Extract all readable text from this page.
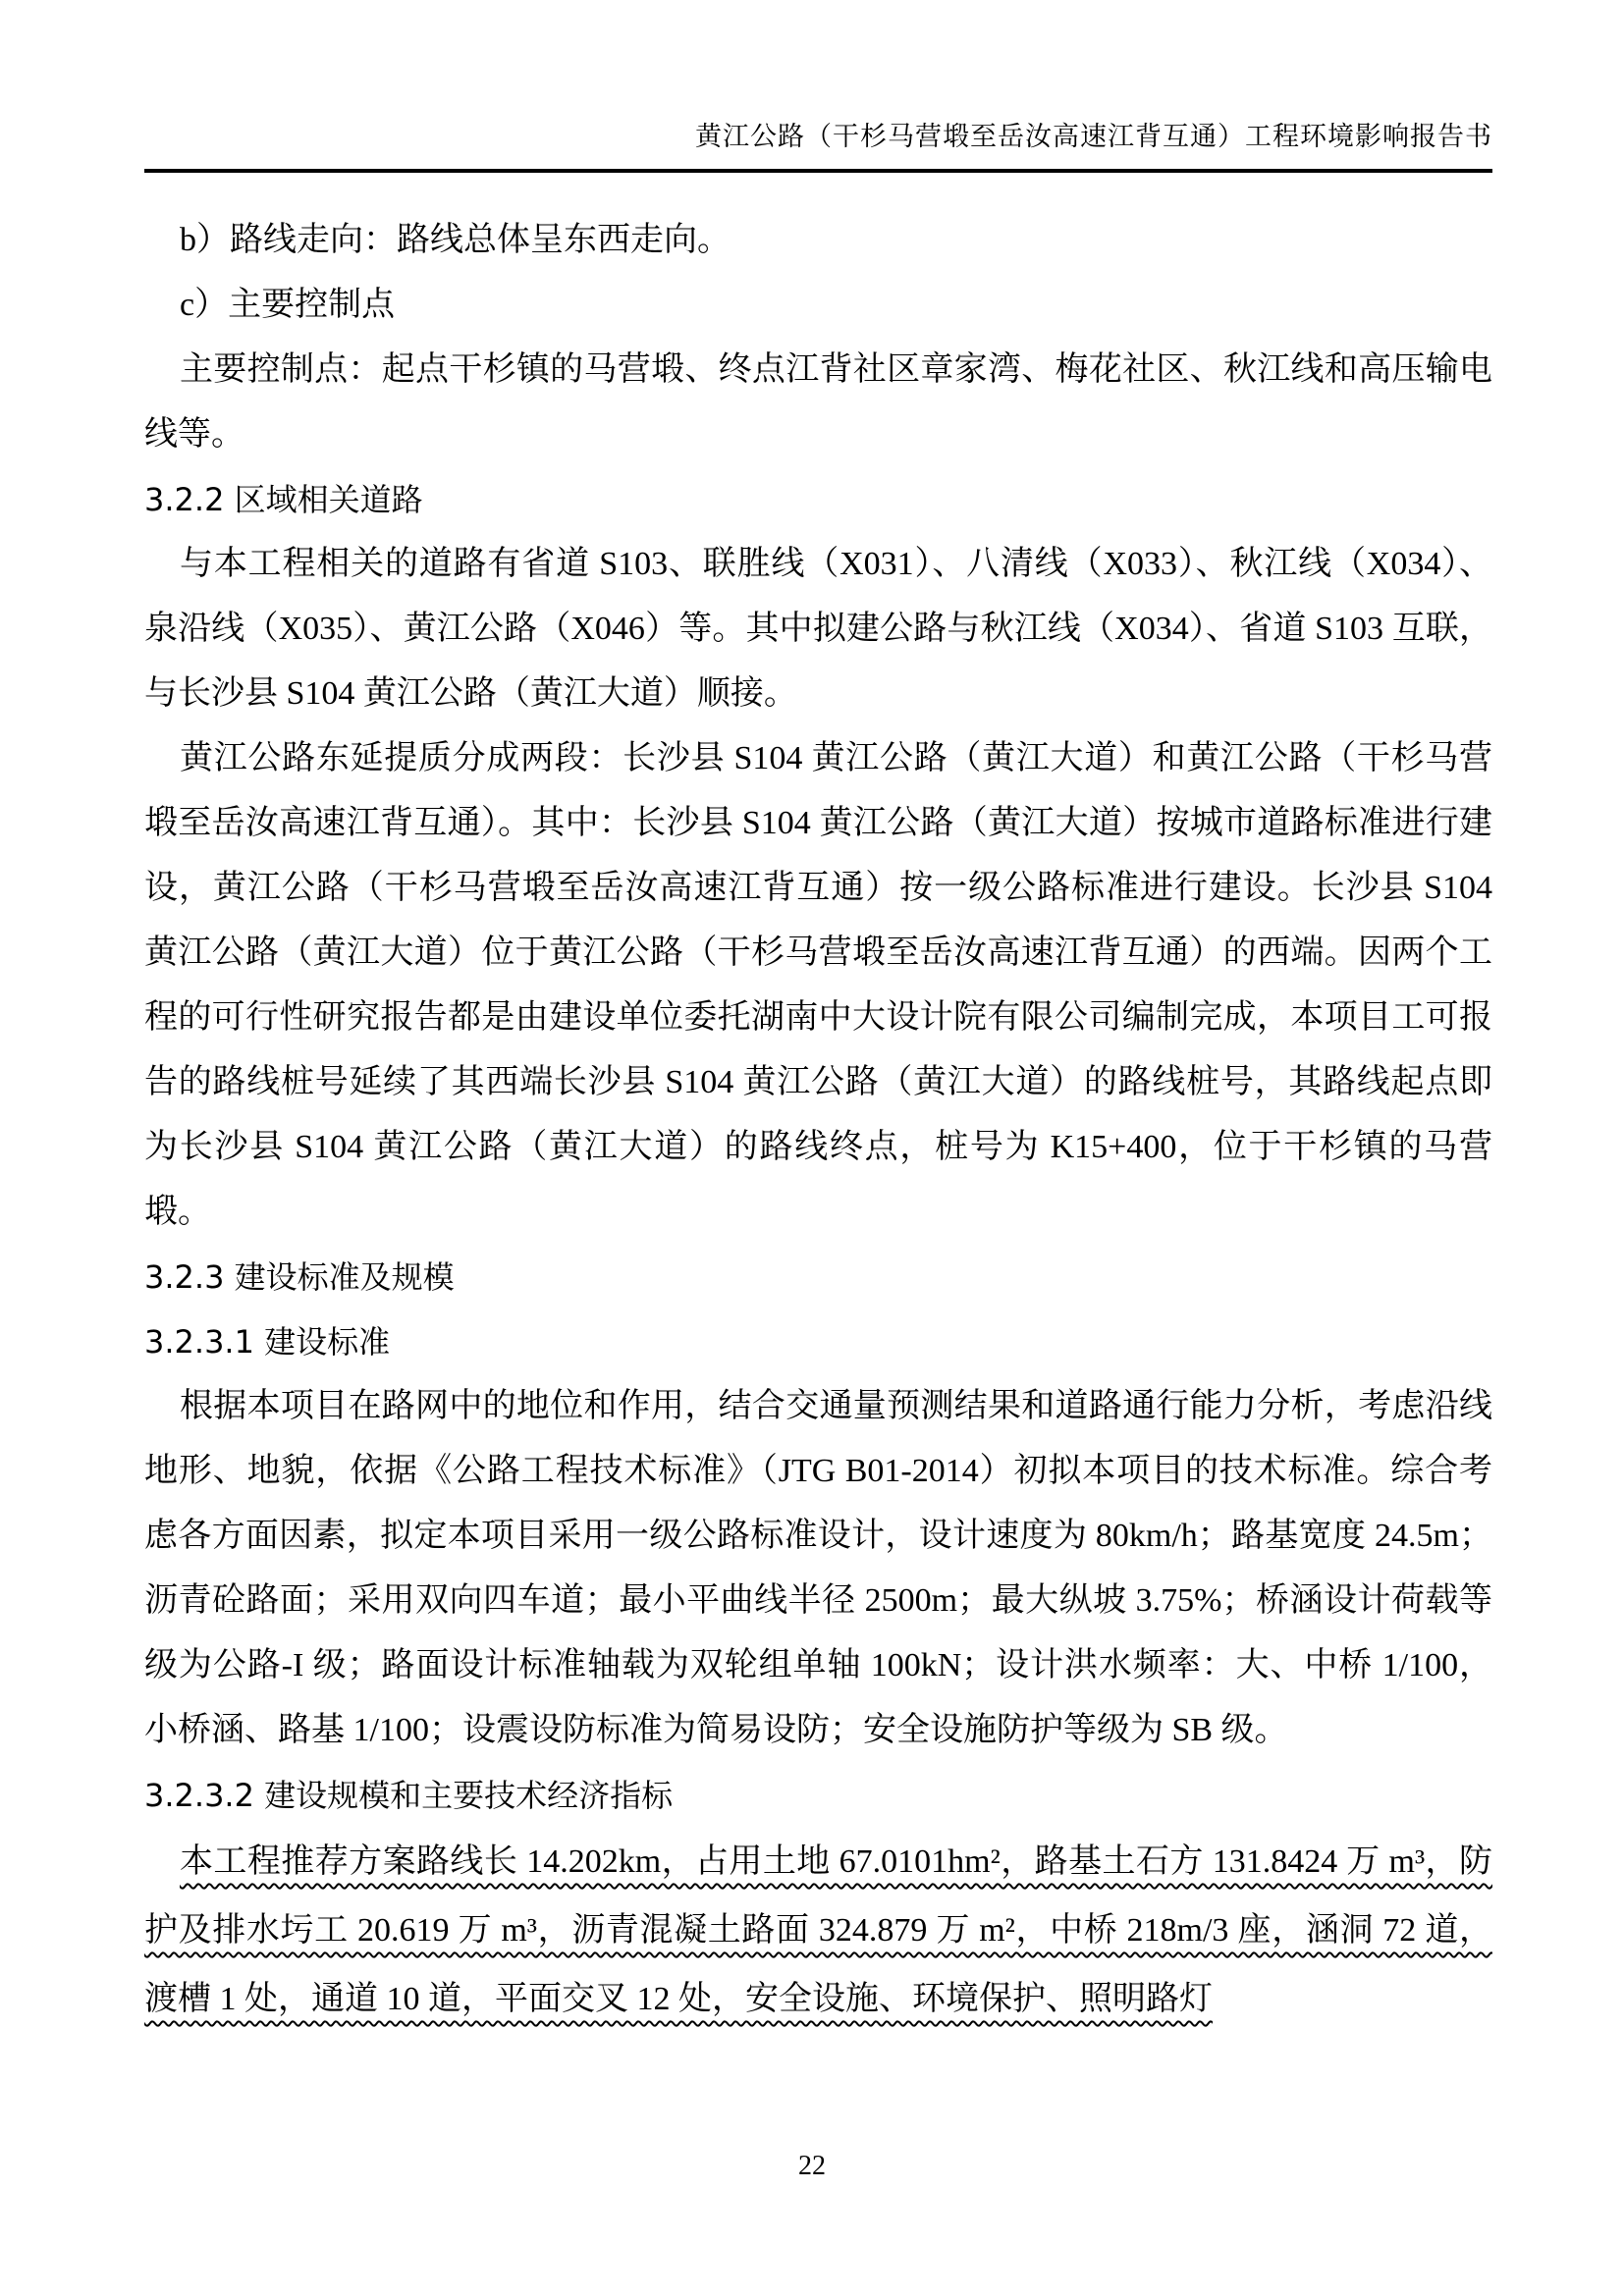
黄江公路（干杉马营塅至岳汝高速江背互通）工程环境影响报告书

b）路线走向：路线总体呈东西走向。

c）主要控制点

主要控制点：起点干杉镇的马营塅、终点江背社区章家湾、梅花社区、秋江线和高压输电线等。

3.2.2 区域相关道路

与本工程相关的道路有省道 S103、联胜线（X031）、八清线（X033）、秋江线（X034）、泉沿线（X035）、黄江公路（X046）等。其中拟建公路与秋江线（X034）、省道 S103 互联，与长沙县 S104 黄江公路（黄江大道）顺接。

黄江公路东延提质分成两段：长沙县 S104 黄江公路（黄江大道）和黄江公路（干杉马营塅至岳汝高速江背互通）。其中：长沙县 S104 黄江公路（黄江大道）按城市道路标准进行建设，黄江公路（干杉马营塅至岳汝高速江背互通）按一级公路标准进行建设。长沙县 S104 黄江公路（黄江大道）位于黄江公路（干杉马营塅至岳汝高速江背互通）的西端。因两个工程的可行性研究报告都是由建设单位委托湖南中大设计院有限公司编制完成，本项目工可报告的路线桩号延续了其西端长沙县 S104 黄江公路（黄江大道）的路线桩号，其路线起点即为长沙县 S104 黄江公路（黄江大道）的路线终点，桩号为 K15+400，位于干杉镇的马营塅。

3.2.3 建设标准及规模

3.2.3.1 建设标准

根据本项目在路网中的地位和作用，结合交通量预测结果和道路通行能力分析，考虑沿线地形、地貌，依据《公路工程技术标准》（JTG B01-2014）初拟本项目的技术标准。综合考虑各方面因素，拟定本项目采用一级公路标准设计，设计速度为 80km/h；路基宽度 24.5m；沥青砼路面；采用双向四车道；最小平曲线半径 2500m；最大纵坡 3.75%；桥涵设计荷载等级为公路-I 级；路面设计标准轴载为双轮组单轴 100kN；设计洪水频率：大、中桥 1/100，小桥涵、路基 1/100；设震设防标准为简易设防；安全设施防护等级为 SB 级。

3.2.3.2 建设规模和主要技术经济指标

本工程推荐方案路线长 14.202km，占用土地 67.0101hm²，路基土石方 131.8424 万 m³，防护及排水圬工 20.619 万 m³，沥青混凝土路面 324.879 万 m²，中桥 218m/3 座，涵洞 72 道，渡槽 1 处，通道 10 道，平面交叉 12 处，安全设施、环境保护、照明路灯

22
